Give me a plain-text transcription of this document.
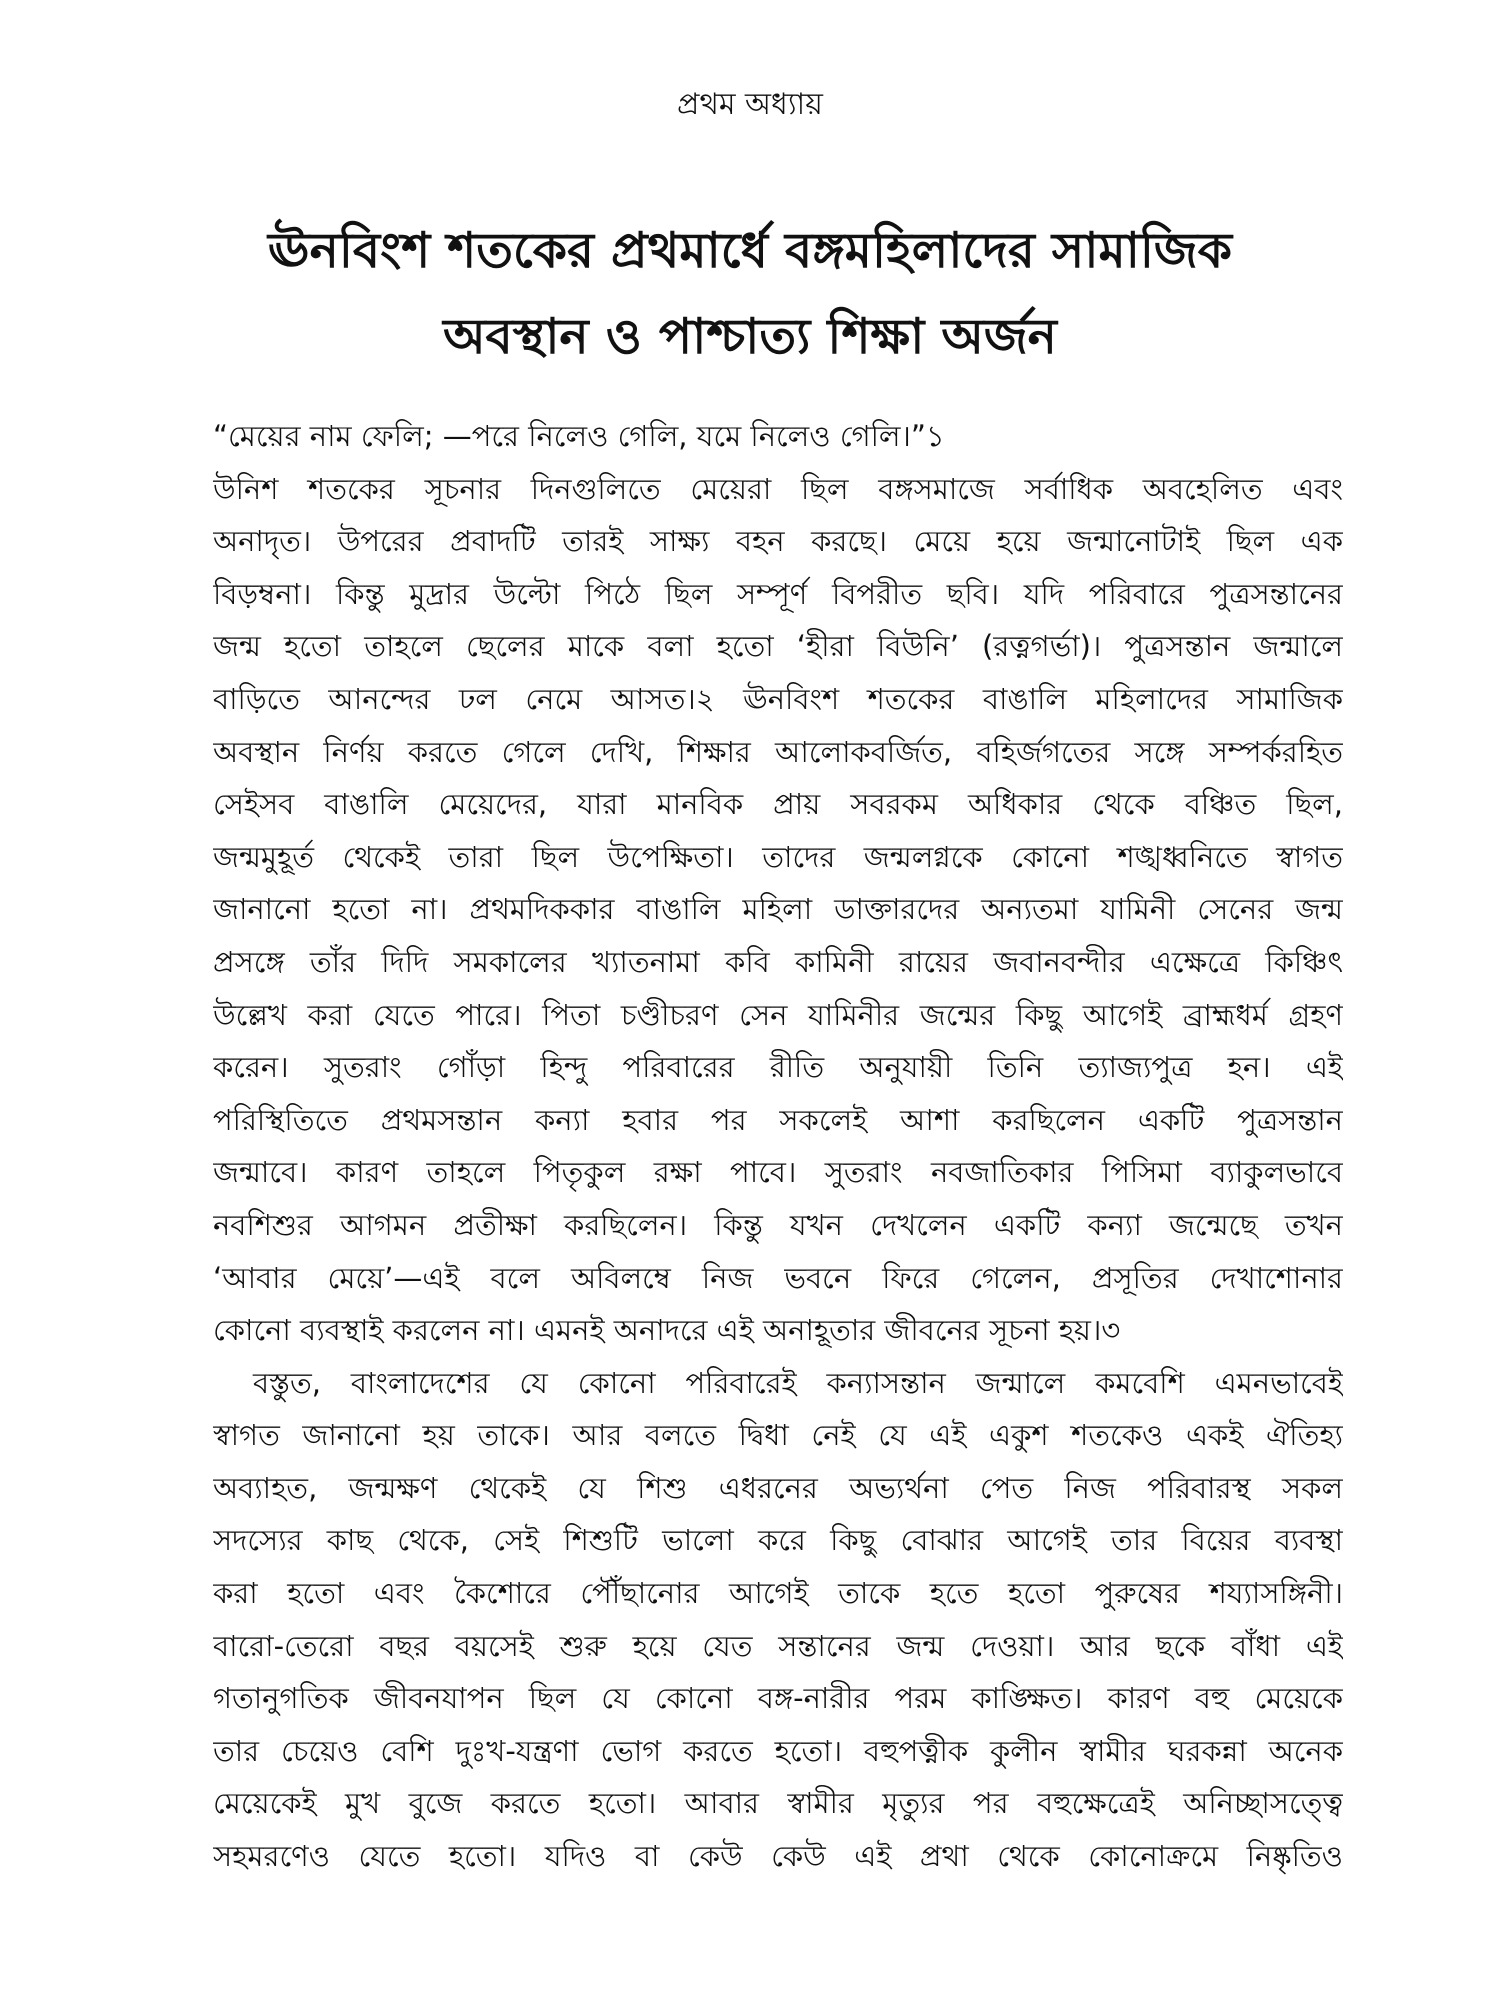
প্রথম অধ্যায়
ঊনবিংশ শতকের প্রথমার্ধে বঙ্গমহিলাদের সামাজিক
অবস্থান ও পাশ্চাত্য শিক্ষা অর্জন
“মেয়ের নাম ফেলি; —পরে নিলেও গেলি, যমে নিলেও গেলি।”১
উনিশ শতকের সূচনার দিনগুলিতে মেয়েরা ছিল বঙ্গসমাজে সর্বাধিক অবহেলিত এবং
অনাদৃত। উপরের প্রবাদটি তারই সাক্ষ্য বহন করছে। মেয়ে হয়ে জন্মানোটাই ছিল এক
বিড়ম্বনা। কিন্তু মুদ্রার উল্টো পিঠে ছিল সম্পূর্ণ বিপরীত ছবি। যদি পরিবারে পুত্রসন্তানের
জন্ম হতো তাহলে ছেলের মাকে বলা হতো ‘হীরা বিউনি’ (রত্নগর্ভা)। পুত্রসন্তান জন্মালে
বাড়িতে আনন্দের ঢল নেমে আসত।২ ঊনবিংশ শতকের বাঙালি মহিলাদের সামাজিক
অবস্থান নির্ণয় করতে গেলে দেখি, শিক্ষার আলোকবর্জিত, বহির্জগতের সঙ্গে সম্পর্করহিত
সেইসব বাঙালি মেয়েদের, যারা মানবিক প্রায় সবরকম অধিকার থেকে বঞ্চিত ছিল,
জন্মমুহূর্ত থেকেই তারা ছিল উপেক্ষিতা। তাদের জন্মলগ্নকে কোনো শঙ্খধ্বনিতে স্বাগত
জানানো হতো না। প্রথমদিককার বাঙালি মহিলা ডাক্তারদের অন্যতমা যামিনী সেনের জন্ম
প্রসঙ্গে তাঁর দিদি সমকালের খ্যাতনামা কবি কামিনী রায়ের জবানবন্দীর এক্ষেত্রে কিঞ্চিৎ
উল্লেখ করা যেতে পারে। পিতা চণ্ডীচরণ সেন যামিনীর জন্মের কিছু আগেই ব্রাহ্মধর্ম গ্রহণ
করেন। সুতরাং গোঁড়া হিন্দু পরিবারের রীতি অনুযায়ী তিনি ত্যাজ্যপুত্র হন। এই
পরিস্থিতিতে প্রথমসন্তান কন্যা হবার পর সকলেই আশা করছিলেন একটি পুত্রসন্তান
জন্মাবে। কারণ তাহলে পিতৃকুল রক্ষা পাবে। সুতরাং নবজাতিকার পিসিমা ব্যাকুলভাবে
নবশিশুর আগমন প্রতীক্ষা করছিলেন। কিন্তু যখন দেখলেন একটি কন্যা জন্মেছে তখন
‘আবার মেয়ে’—এই বলে অবিলম্বে নিজ ভবনে ফিরে গেলেন, প্রসূতির দেখাশোনার
কোনো ব্যবস্থাই করলেন না। এমনই অনাদরে এই অনাহূতার জীবনের সূচনা হয়।৩
বস্তুত, বাংলাদেশের যে কোনো পরিবারেই কন্যাসন্তান জন্মালে কমবেশি এমনভাবেই
স্বাগত জানানো হয় তাকে। আর বলতে দ্বিধা নেই যে এই একুশ শতকেও একই ঐতিহ্য
অব্যাহত, জন্মক্ষণ থেকেই যে শিশু এধরনের অভ্যর্থনা পেত নিজ পরিবারস্থ সকল
সদস্যের কাছ থেকে, সেই শিশুটি ভালো করে কিছু বোঝার আগেই তার বিয়ের ব্যবস্থা
করা হতো এবং কৈশোরে পৌঁছানোর আগেই তাকে হতে হতো পুরুষের শয্যাসঙ্গিনী।
বারো-তেরো বছর বয়সেই শুরু হয়ে যেত সন্তানের জন্ম দেওয়া। আর ছকে বাঁধা এই
গতানুগতিক জীবনযাপন ছিল যে কোনো বঙ্গ-নারীর পরম কাঙ্ক্ষিত। কারণ বহু মেয়েকে
তার চেয়েও বেশি দুঃখ-যন্ত্রণা ভোগ করতে হতো। বহুপত্নীক কুলীন স্বামীর ঘরকন্না অনেক
মেয়েকেই মুখ বুজে করতে হতো। আবার স্বামীর মৃত্যুর পর বহুক্ষেত্রেই অনিচ্ছাসত্ত্বে
সহমরণেও যেতে হতো। যদিও বা কেউ কেউ এই প্রথা থেকে কোনোক্রমে নিষ্কৃতিও
